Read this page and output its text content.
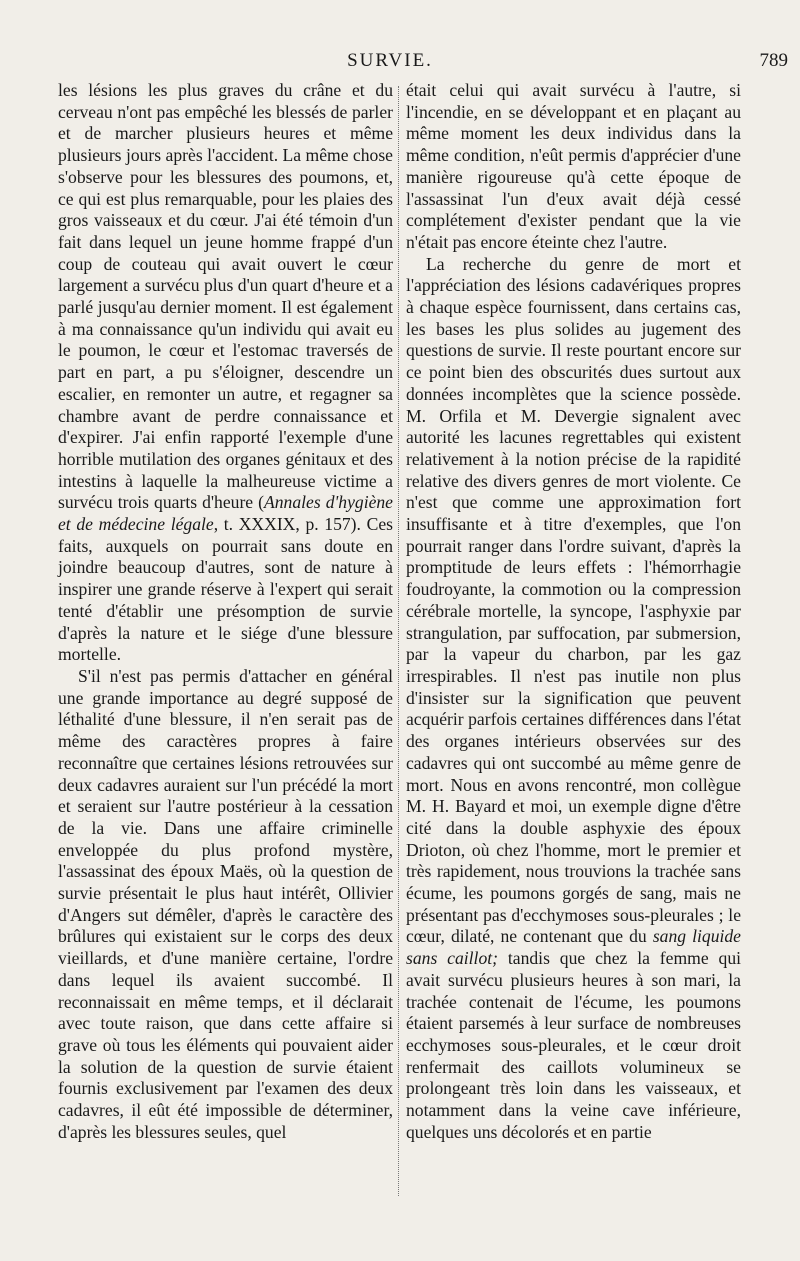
SURVIE.	789

les lésions les plus graves du crâne et du cerveau n'ont pas empêché les blessés de parler et de marcher plusieurs heures et même plusieurs jours après l'accident. La même chose s'observe pour les blessures des poumons, et, ce qui est plus remarquable, pour les plaies des gros vaisseaux et du cœur. J'ai été témoin d'un fait dans lequel un jeune homme frappé d'un coup de couteau qui avait ouvert le cœur largement a survécu plus d'un quart d'heure et a parlé jusqu'au dernier moment. Il est également à ma connaissance qu'un individu qui avait eu le poumon, le cœur et l'estomac traversés de part en part, a pu s'éloigner, descendre un escalier, en remonter un autre, et regagner sa chambre avant de perdre connaissance et d'expirer. J'ai enfin rapporté l'exemple d'une horrible mutilation des organes génitaux et des intestins à laquelle la malheureuse victime a survécu trois quarts d'heure (Annales d'hygiène et de médecine légale, t. XXXIX, p. 157). Ces faits, auxquels on pourrait sans doute en joindre beaucoup d'autres, sont de nature à inspirer une grande réserve à l'expert qui serait tenté d'établir une présomption de survie d'après la nature et le siége d'une blessure mortelle.

S'il n'est pas permis d'attacher en général une grande importance au degré supposé de léthalité d'une blessure, il n'en serait pas de même des caractères propres à faire reconnaître que certaines lésions retrouvées sur deux cadavres auraient sur l'un précédé la mort et seraient sur l'autre postérieur à la cessation de la vie. Dans une affaire criminelle enveloppée du plus profond mystère, l'assassinat des époux Maës, où la question de survie présentait le plus haut intérêt, Ollivier d'Angers sut démêler, d'après le caractère des brûlures qui existaient sur le corps des deux vieillards, et d'une manière certaine, l'ordre dans lequel ils avaient succombé. Il reconnaissait en même temps, et il déclarait avec toute raison, que dans cette affaire si grave où tous les éléments qui pouvaient aider la solution de la question de survie étaient fournis exclusivement par l'examen des deux cadavres, il eût été impossible de déterminer, d'après les blessures seules, quel

était celui qui avait survécu à l'autre, si l'incendie, en se développant et en plaçant au même moment les deux individus dans la même condition, n'eût permis d'apprécier d'une manière rigoureuse qu'à cette époque de l'assassinat l'un d'eux avait déjà cessé complétement d'exister pendant que la vie n'était pas encore éteinte chez l'autre.

La recherche du genre de mort et l'appréciation des lésions cadavériques propres à chaque espèce fournissent, dans certains cas, les bases les plus solides au jugement des questions de survie. Il reste pourtant encore sur ce point bien des obscurités dues surtout aux données incomplètes que la science possède. M. Orfila et M. Devergie signalent avec autorité les lacunes regrettables qui existent relativement à la notion précise de la rapidité relative des divers genres de mort violente. Ce n'est que comme une approximation fort insuffisante et à titre d'exemples, que l'on pourrait ranger dans l'ordre suivant, d'après la promptitude de leurs effets : l'hémorrhagie foudroyante, la commotion ou la compression cérébrale mortelle, la syncope, l'asphyxie par strangulation, par suffocation, par submersion, par la vapeur du charbon, par les gaz irrespirables. Il n'est pas inutile non plus d'insister sur la signification que peuvent acquérir parfois certaines différences dans l'état des organes intérieurs observées sur des cadavres qui ont succombé au même genre de mort. Nous en avons rencontré, mon collègue M. H. Bayard et moi, un exemple digne d'être cité dans la double asphyxie des époux Drioton, où chez l'homme, mort le premier et très rapidement, nous trouvions la trachée sans écume, les poumons gorgés de sang, mais ne présentant pas d'ecchymoses sous-pleurales ; le cœur, dilaté, ne contenant que du sang liquide sans caillot; tandis que chez la femme qui avait survécu plusieurs heures à son mari, la trachée contenait de l'écume, les poumons étaient parsemés à leur surface de nombreuses ecchymoses sous-pleurales, et le cœur droit renfermait des caillots volumineux se prolongeant très loin dans les vaisseaux, et notamment dans la veine cave inférieure, quelques uns décolorés et en partie
